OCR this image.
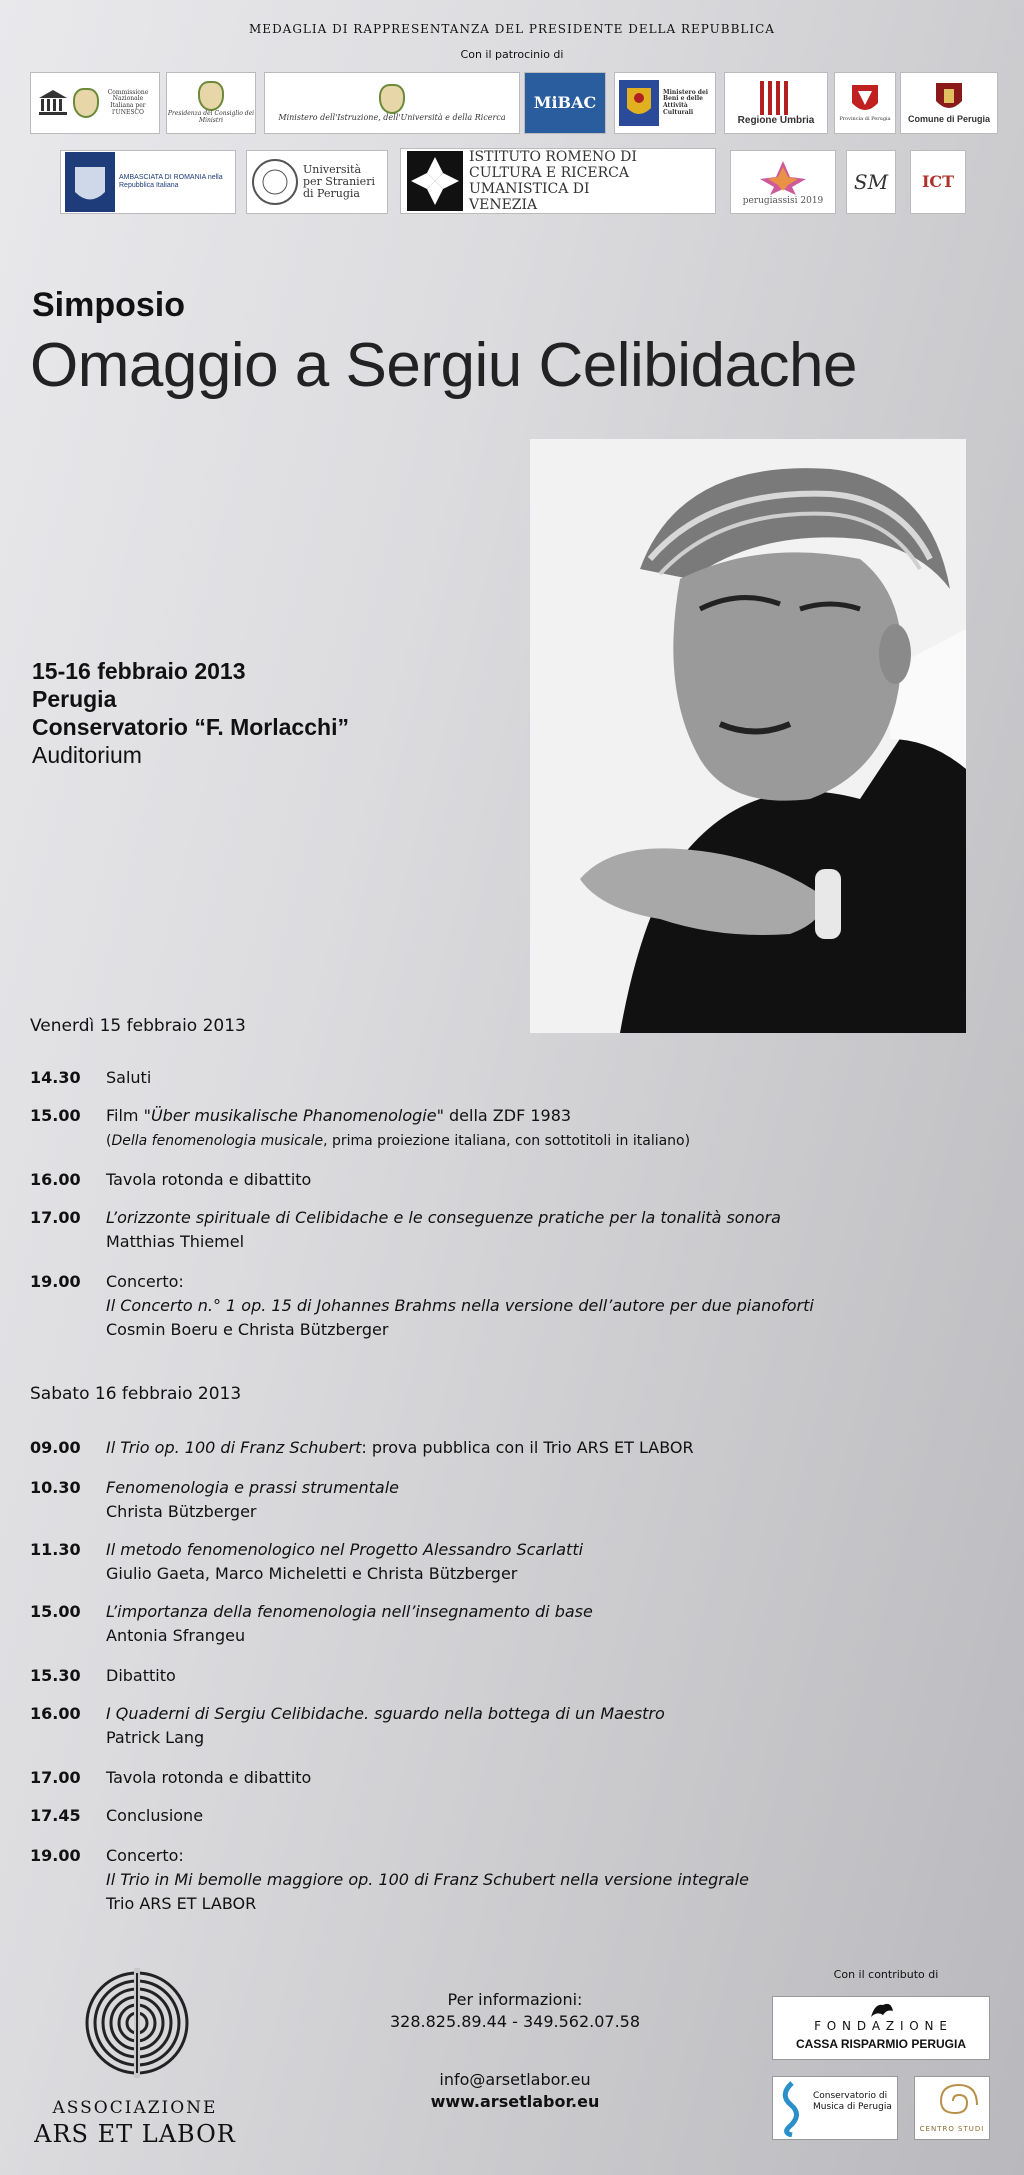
MEDAGLIA DI RAPPRESENTANZA DEL PRESIDENTE DELLA REPUBBLICA
Con il patrocinio di
Commissione Nazionale Italiana per l'UNESCO	Presidenza del Consiglio dei Ministri	Ministero dell'Istruzione, dell'Università e della Ricerca
MiBAC
Ministero dei Beni e delle Attività Culturali
Regione Umbria	Provincia di Perugia Comune di Perugia
AMBASCIATA DI ROMANIA nella Repubblica Italiana
Università per Stranieri di Perugia
ISTITUTO ROMENO DI CULTURA E RICERCA UMANISTICA DI VENEZIA	perugiassisi 2019
SM ICT
Simposio
Omaggio a Sergiu Celibidache
15-16 febbraio 2013
Perugia
Conservatorio “F. Morlacchi”
Auditorium
Venerdì 15 febbraio 2013
14.30 Saluti
15.00 Film "Über musikalische Phanomenologie" della ZDF 1983
(Della fenomenologia musicale, prima proiezione italiana, con sottotitoli in italiano)
16.00 Tavola rotonda e dibattito
17.00 L’orizzonte spirituale di Celibidache e le conseguenze pratiche per la tonalità sonora
Matthias Thiemel
19.00 Concerto:
Il Concerto n.° 1 op. 15 di Johannes Brahms nella versione dell’autore per due pianoforti
Cosmin Boeru e Christa Bützberger
Sabato 16 febbraio 2013
09.00 Il Trio op. 100 di Franz Schubert: prova pubblica con il Trio ARS ET LABOR
10.30 Fenomenologia e prassi strumentale
Christa Bützberger
11.30 Il metodo fenomenologico nel Progetto Alessandro Scarlatti
Giulio Gaeta, Marco Micheletti e Christa Bützberger
15.00 L’importanza della fenomenologia nell’insegnamento di base
Antonia Sfrangeu
15.30 Dibattito
16.00 I Quaderni di Sergiu Celibidache. sguardo nella bottega di un Maestro
Patrick Lang
17.00 Tavola rotonda e dibattito
17.45 Conclusione
19.00 Concerto:
Il Trio in Mi bemolle maggiore op. 100 di Franz Schubert nella versione integrale
Trio ARS ET LABOR
ASSOCIAZIONE
ARS ET LABOR
Per informazioni:
328.825.89.44 - 349.562.07.58
info@arsetlabor.eu
www.arsetlabor.eu
Con il contributo di
F O N D A Z I O N E
CASSA RISPARMIO PERUGIA
Conservatorio di Musica di Perugia
CENTRO STUDI
